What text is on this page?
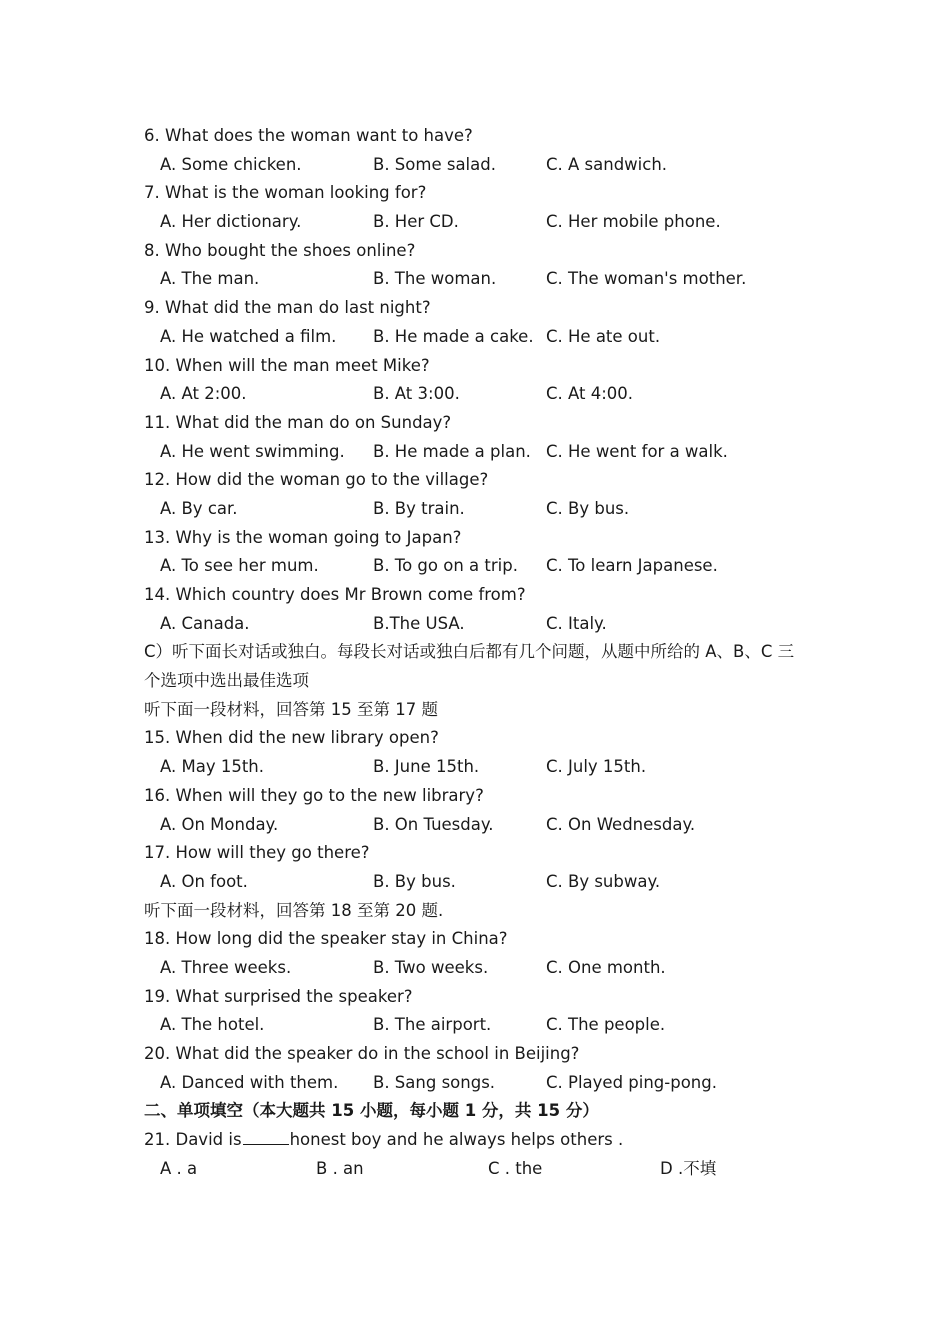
6. What does the woman want to have?
A. Some chicken.	B. Some salad.	C. A sandwich.
7. What is the woman looking for?
A. Her dictionary.	B. Her CD.	C. Her mobile phone.
8. Who bought the shoes online?
A. The man.	B. The woman.	C. The woman's mother.
9. What did the man do last night?
A. He watched a film. B. He made a cake. C. He ate out.
10. When will the man meet Mike?
A. At 2:00.	B. At 3:00.	C. At 4:00.
11. What did the man do on Sunday?
A. He went swimming. B. He made a plan. C. He went for a walk.
12. How did the woman go to the village?
A. By car.	B. By train.	C. By bus.
13. Why is the woman going to Japan?
A. To see her mum.	B. To go on a trip. C. To learn Japanese.
14. Which country does Mr Brown come from?
A. Canada.	B.The USA.	C. Italy.
C）听下面长对话或独白。每段长对话或独白后都有几个问题，从题中所给的 A、B、C 三
个选项中选出最佳选项
听下面一段材料，回答第 15 至第 17 题
15. When did the new library open?
A. May 15th.	B. June 15th.	C. July 15th.
16. When will they go to the new library?
A. On Monday.	B. On Tuesday.	C. On Wednesday.
17. How will they go there?
A. On foot.	B. By bus.	C. By subway.
听下面一段材料，回答第 18 至第 20 题.
18. How long did the speaker stay in China?
A. Three weeks.	B. Two weeks.	C. One month.
19. What surprised the speaker?
A. The hotel.	B. The airport.	C. The people.
20. What did the speaker do in the school in Beijing?
A. Danced with them. B. Sang songs.	C. Played ping-pong.
二、单项填空（本大题共 15 小题，每小题 1 分，共 15 分）
21. David is	honest boy and he always helps others .
A . a	B . an	C . the	D .不填
